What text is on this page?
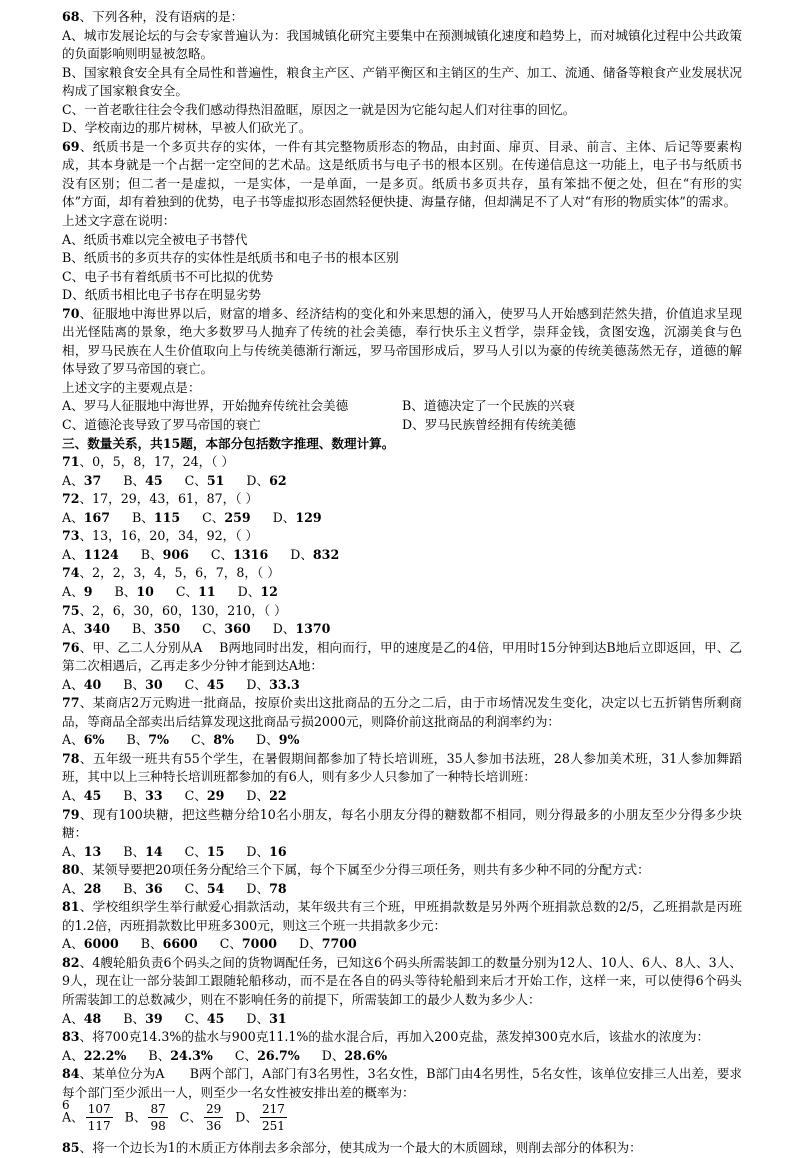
68、下列各种，没有语病的是：
A、城市发展论坛的与会专家普遍认为：我国城镇化研究主要集中在预测城镇化速度和趋势上，而对城镇化过程中公共政策的负面影响则明显被忽略。
B、国家粮食安全具有全局性和普遍性，粮食主产区、产销平衡区和主销区的生产、加工、流通、储备等粮食产业发展状况构成了国家粮食安全。
C、一首老歌往往会令我们感动得热泪盈眶，原因之一就是因为它能勾起人们对往事的回忆。
D、学校南边的那片树林，早被人们砍光了。
69、纸质书是一个多页共存的实体，一件有其完整物质形态的物品，由封面、扉页、目录、前言、主体、后记等要素构成，其本身就是一个占据一定空间的艺术品。这是纸质书与电子书的根本区别。在传递信息这一功能上，电子书与纸质书没有区别；但二者一是虚拟，一是实体，一是单面，一是多页。纸质书多页共存，虽有笨拙不便之处，但在“有形的实体”方面，却有着独到的优势，电子书等虚拟形态固然轻便快捷、海量存储，但却满足不了人对“有形的物质实体”的需求。
上述文字意在说明：
A、纸质书难以完全被电子书替代
B、纸质书的多页共存的实体性是纸质书和电子书的根本区别
C、电子书有着纸质书不可比拟的优势
D、纸质书相比电子书存在明显劣势
70、征服地中海世界以后，财富的增多、经济结构的变化和外来思想的涌入，使罗马人开始感到茫然失措，价值追求呈现出光怪陆离的景象，绝大多数罗马人抛弃了传统的社会美德，奉行快乐主义哲学，崇拜金钱，贪图安逸，沉溺美食与色相，罗马民族在人生价值取向上与传统美德渐行渐远，罗马帝国形成后，罗马人引以为豪的传统美德荡然无存，道德的解体导致了罗马帝国的衰亡。
上述文字的主要观点是：
A、罗马人征服地中海世界，开始抛弃传统社会美德	B、道德决定了一个民族的兴衰
C、道德沦丧导致了罗马帝国的衰亡	D、罗马民族曾经拥有传统美德
三、数量关系，共15题，本部分包括数字推理、数理计算。
71、0，5，8，17，24，（ ）
A、37 B、45 C、51 D、62
72、17，29，43，61，87，（ ）
A、167 B、115 C、259 D、129
73、13，16，20，34，92，（ ）
A、1124 B、906 C、1316 D、832
74、2，2，3，4，5，6，7，8，（ ）
A、9 B、10 C、11 D、12
75、2，6，30，60，130，210，（ ）
A、340 B、350 C、360 D、1370
76、甲、乙二人分别从A　 B两地同时出发，相向而行，甲的速度是乙的4倍，甲用时15分钟到达B地后立即返回，甲、乙第二次相遇后，乙再走多少分钟才能到达A地：
A、40 B、30 C、45 D、33.3
77、某商店2万元购进一批商品，按原价卖出这批商品的五分之二后，由于市场情况发生变化，决定以七五折销售所剩商品，等商品全部卖出后结算发现这批商品亏损2000元，则降价前这批商品的利润率约为：
A、6% B、7% C、8% D、9%
78、五年级一班共有55个学生，在暑假期间都参加了特长培训班，35人参加书法班，28人参加美术班，31人参加舞蹈班，其中以上三种特长培训班都参加的有6人，则有多少人只参加了一种特长培训班：
A、45 B、33 C、29 D、22
79、现有100块糖，把这些糖分给10名小朋友，每名小朋友分得的糖数都不相同，则分得最多的小朋友至少分得多少块糖：
A、13 B、14 C、15 D、16
80、某领导要把20项任务分配给三个下属，每个下属至少分得三项任务，则共有多少种不同的分配方式：
A、28 B、36 C、54 D、78
81、学校组织学生举行献爱心捐款活动，某年级共有三个班，甲班捐款数是另外两个班捐款总数的2/5，乙班捐款是丙班的1.2倍，丙班捐款数比甲班多300元，则这三个班一共捐款多少元：
A、6000 B、6600 C、7000 D、7700
82、4艘轮船负责6个码头之间的货物调配任务，已知这6个码头所需装卸工的数量分别为12人、10人、6人、8人、3人、9人，现在让一部分装卸工跟随轮船移动，而不是在各自的码头等待轮船到来后才开始工作，这样一来，可以使得6个码头所需装卸工的总数减少，则在不影响任务的前提下，所需装卸工的最少人数为多少人：
A、48 B、39 C、45 D、31
83、将700克14.3%的盐水与900克11.1%的盐水混合后，再加入200克盐，蒸发掉300克水后，该盐水的浓度为：
A、22.2% B、24.3% C、26.7% D、28.6%
84、某单位分为A　　B两个部门，A部门有3名男性，3名女性，B部门由4名男性，5名女性，该单位安排三人出差，要求每个部门至少派出一人，则至少一名女性被安排出差的概率为：
A、 $\frac{107}{117}$ B、 $\frac{87}{98}$ C、 $\frac{29}{36}$ D、 $\frac{217}{251}$
85、将一个边长为1的木质正方体削去多余部分，使其成为一个最大的木质圆球，则削去部分的体积为：
6
